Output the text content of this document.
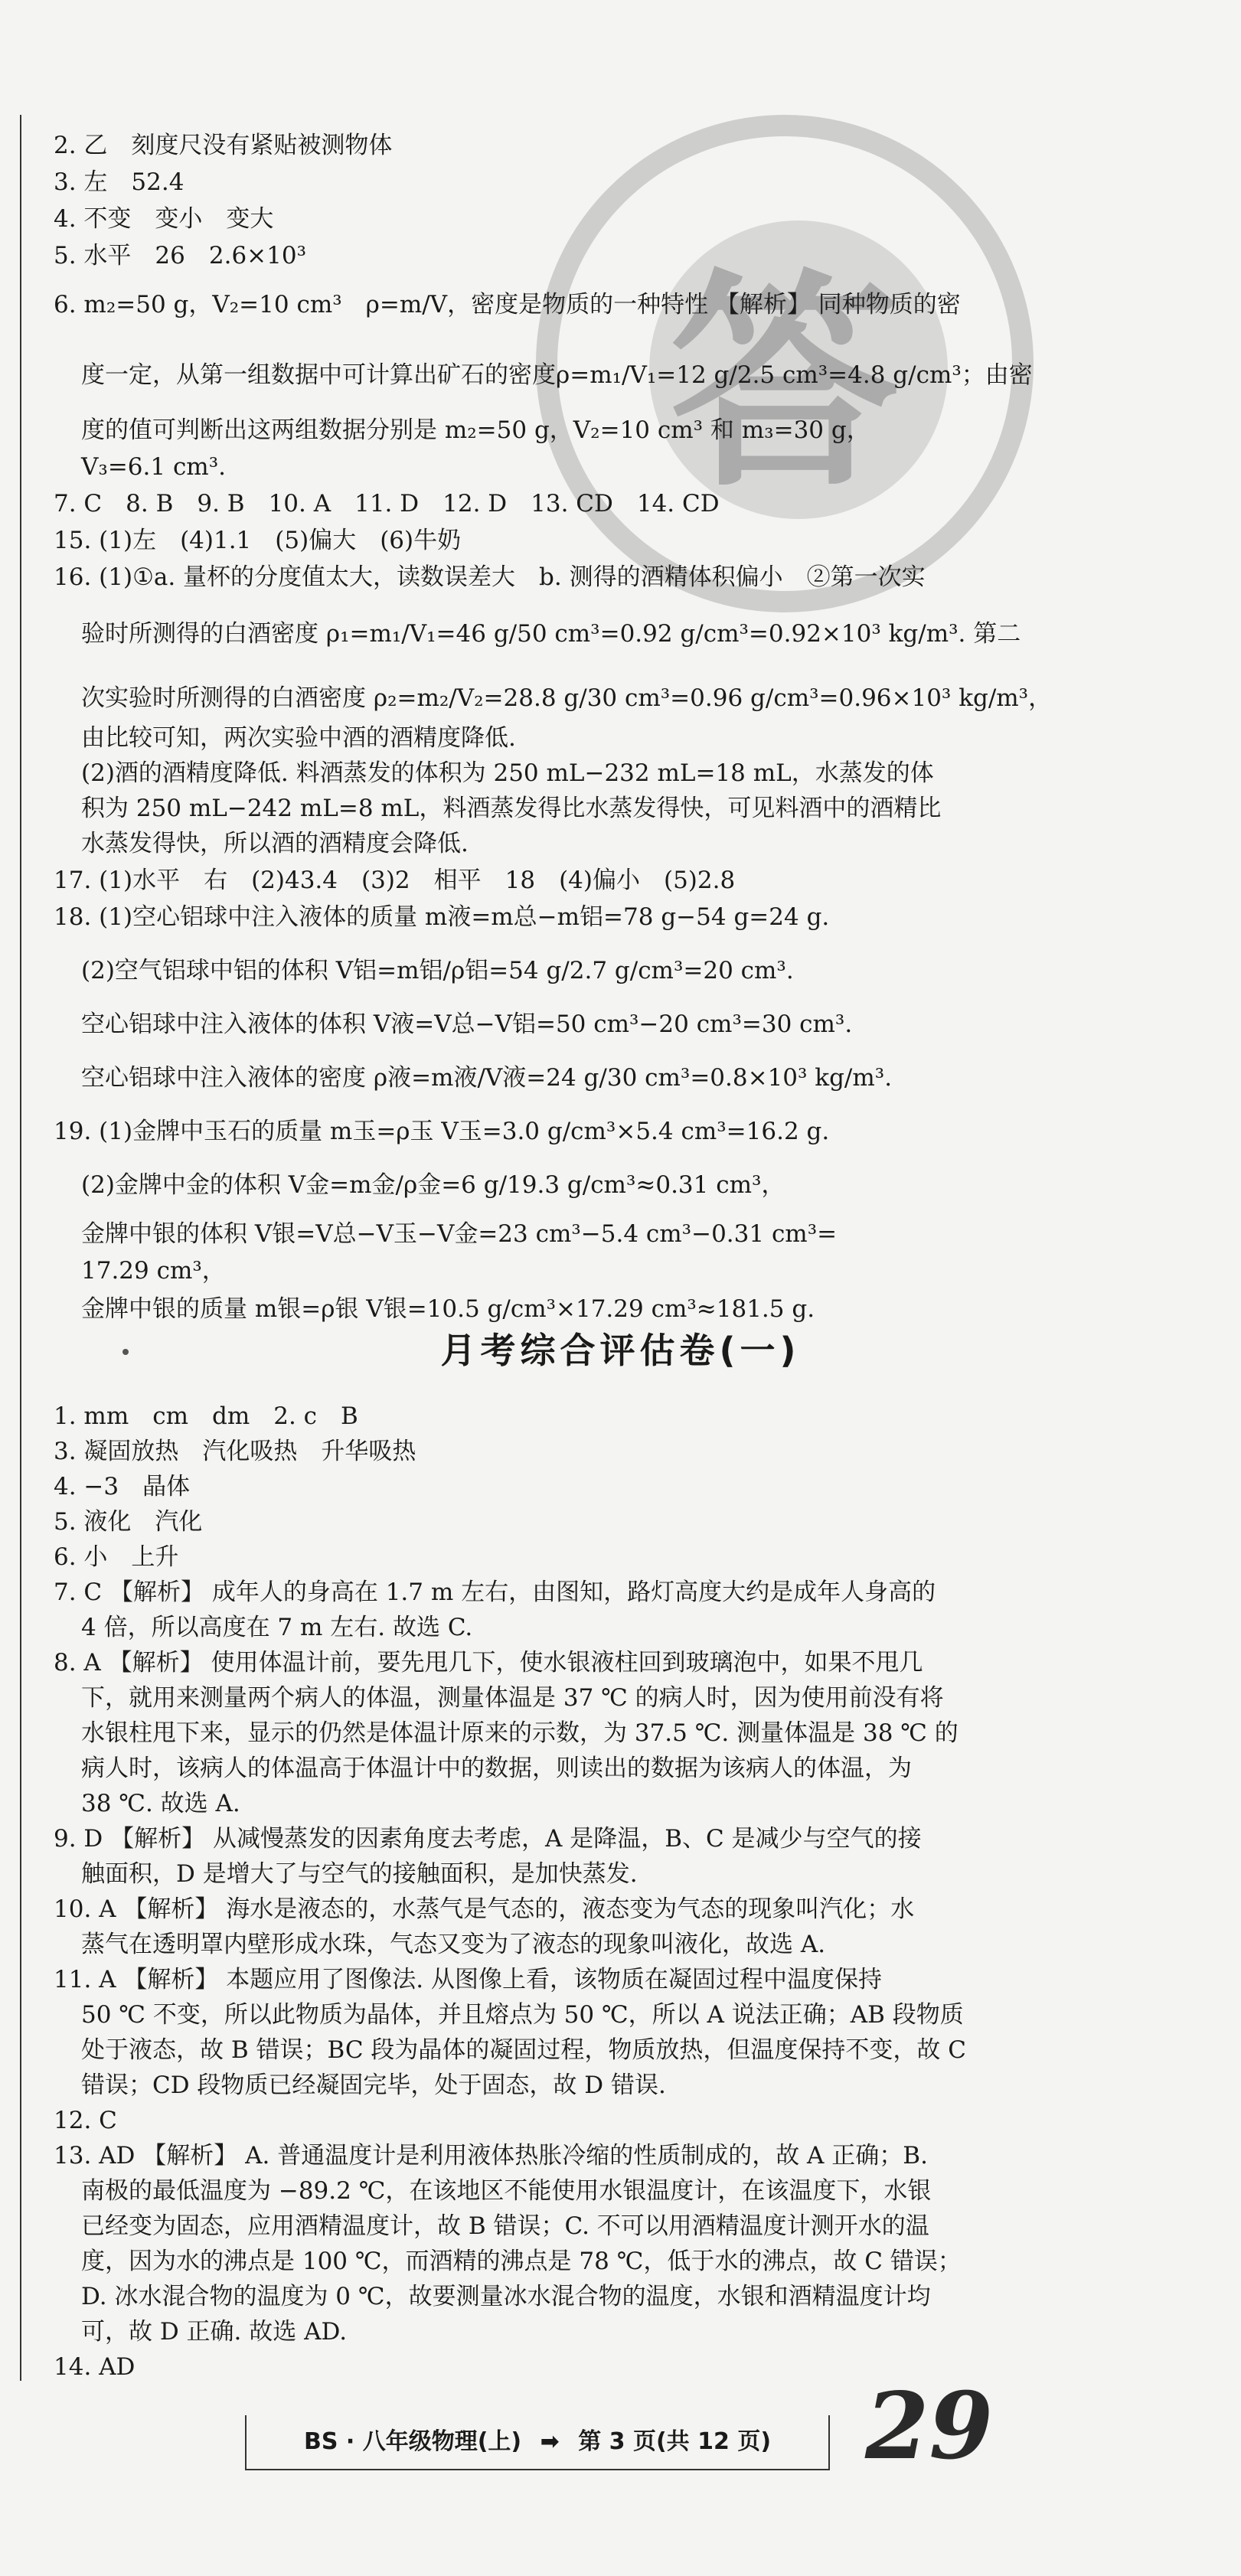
答
2. 乙　刻度尺没有紧贴被测物体
3. 左　52.4
4. 不变　变小　变大
5. 水平　26　2.6×10³
6. m₂=50 g，V₂=10 cm³　ρ=m/V，密度是物质的一种特性 【解析】 同种物质的密
度一定，从第一组数据中可计算出矿石的密度ρ=m₁/V₁=12 g/2.5 cm³=4.8 g/cm³；由密
度的值可判断出这两组数据分别是 m₂=50 g，V₂=10 cm³ 和 m₃=30 g，
V₃=6.1 cm³.
7. C　8. B　9. B　10. A　11. D　12. D　13. CD　14. CD
15. (1)左　(4)1.1　(5)偏大　(6)牛奶
16. (1)①a. 量杯的分度值太大，读数误差大　b. 测得的酒精体积偏小　②第一次实
验时所测得的白酒密度 ρ₁=m₁/V₁=46 g/50 cm³=0.92 g/cm³=0.92×10³ kg/m³. 第二
次实验时所测得的白酒密度 ρ₂=m₂/V₂=28.8 g/30 cm³=0.96 g/cm³=0.96×10³ kg/m³，
由比较可知，两次实验中酒的酒精度降低.
(2)酒的酒精度降低. 料酒蒸发的体积为 250 mL−232 mL=18 mL，水蒸发的体
积为 250 mL−242 mL=8 mL，料酒蒸发得比水蒸发得快，可见料酒中的酒精比
水蒸发得快，所以酒的酒精度会降低.
17. (1)水平　右　(2)43.4　(3)2　相平　18　(4)偏小　(5)2.8
18. (1)空心铝球中注入液体的质量 m液=m总−m铝=78 g−54 g=24 g.
(2)空气铝球中铝的体积 V铝=m铝/ρ铝=54 g/2.7 g/cm³=20 cm³.
空心铝球中注入液体的体积 V液=V总−V铝=50 cm³−20 cm³=30 cm³.
空心铝球中注入液体的密度 ρ液=m液/V液=24 g/30 cm³=0.8×10³ kg/m³.
19. (1)金牌中玉石的质量 m玉=ρ玉 V玉=3.0 g/cm³×5.4 cm³=16.2 g.
(2)金牌中金的体积 V金=m金/ρ金=6 g/19.3 g/cm³≈0.31 cm³，
金牌中银的体积 V银=V总−V玉−V金=23 cm³−5.4 cm³−0.31 cm³=
17.29 cm³，
金牌中银的质量 m银=ρ银 V银=10.5 g/cm³×17.29 cm³≈181.5 g.
月考综合评估卷(一)
1. mm　cm　dm　2. c　B
3. 凝固放热　汽化吸热　升华吸热
4. −3　晶体
5. 液化　汽化
6. 小　上升
7. C 【解析】 成年人的身高在 1.7 m 左右，由图知，路灯高度大约是成年人身高的
4 倍，所以高度在 7 m 左右. 故选 C.
8. A 【解析】 使用体温计前，要先甩几下，使水银液柱回到玻璃泡中，如果不甩几
下，就用来测量两个病人的体温，测量体温是 37 ℃ 的病人时，因为使用前没有将
水银柱甩下来，显示的仍然是体温计原来的示数，为 37.5 ℃. 测量体温是 38 ℃ 的
病人时，该病人的体温高于体温计中的数据，则读出的数据为该病人的体温，为
38 ℃. 故选 A.
9. D 【解析】 从减慢蒸发的因素角度去考虑，A 是降温，B、C 是减少与空气的接
触面积，D 是增大了与空气的接触面积，是加快蒸发.
10. A 【解析】 海水是液态的，水蒸气是气态的，液态变为气态的现象叫汽化；水
蒸气在透明罩内壁形成水珠，气态又变为了液态的现象叫液化，故选 A.
11. A 【解析】 本题应用了图像法. 从图像上看，该物质在凝固过程中温度保持
50 ℃ 不变，所以此物质为晶体，并且熔点为 50 ℃，所以 A 说法正确；AB 段物质
处于液态，故 B 错误；BC 段为晶体的凝固过程，物质放热，但温度保持不变，故 C
错误；CD 段物质已经凝固完毕，处于固态，故 D 错误.
12. C
13. AD 【解析】 A. 普通温度计是利用液体热胀冷缩的性质制成的，故 A 正确；B.
南极的最低温度为 −89.2 ℃，在该地区不能使用水银温度计，在该温度下，水银
已经变为固态，应用酒精温度计，故 B 错误；C. 不可以用酒精温度计测开水的温
度，因为水的沸点是 100 ℃，而酒精的沸点是 78 ℃，低于水的沸点，故 C 错误；
D. 冰水混合物的温度为 0 ℃，故要测量冰水混合物的温度，水银和酒精温度计均
可，故 D 正确. 故选 AD.
14. AD
BS · 八年级物理(上) ➡ 第 3 页(共 12 页)	29
